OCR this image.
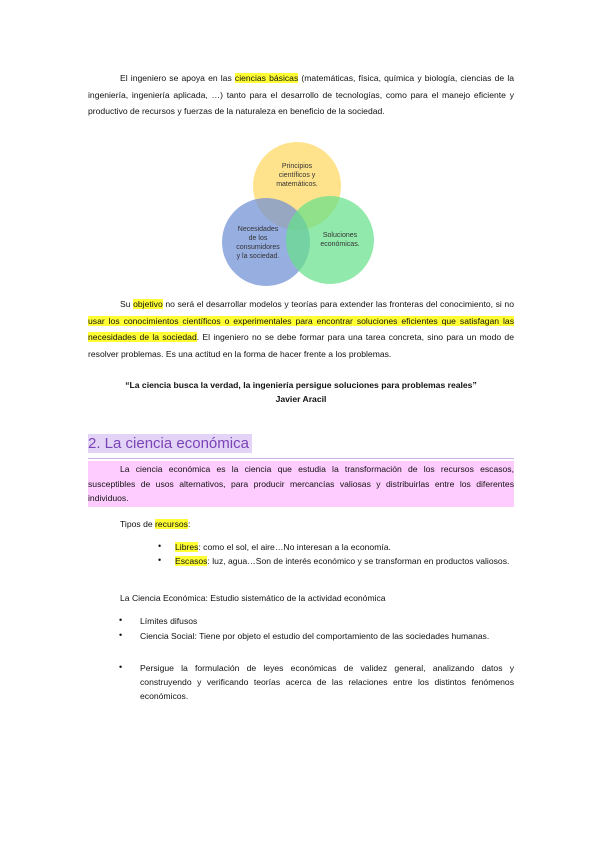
El ingeniero se apoya en las ciencias básicas (matemáticas, física, química y biología, ciencias de la ingeniería, ingeniería aplicada, …) tanto para el desarrollo de tecnologías, como para el manejo eficiente y productivo de recursos y fuerzas de la naturaleza en beneficio de la sociedad.
Principios
científicos y
matemáticos.
Necesidades
de los
consumidores
y la sociedad.
Soluciones
económicas.
Su objetivo no será el desarrollar modelos y teorías para extender las fronteras del conocimiento, si no usar los conocimientos científicos o experimentales para encontrar soluciones eficientes que satisfagan las necesidades de la sociedad. El ingeniero no se debe formar para una tarea concreta, sino para un modo de resolver problemas. Es una actitud en la forma de hacer frente a los problemas.
“La ciencia busca la verdad, la ingeniería persigue soluciones para problemas reales”
Javier Aracil
2. La ciencia económica
La ciencia económica es la ciencia que estudia la transformación de los recursos escasos, susceptibles de usos alternativos, para producir mercancías valiosas y distribuirlas entre los diferentes individuos.
Tipos de recursos:
• Libres: como el sol, el aire…No interesan a la economía.
• Escasos: luz, agua…Son de interés económico y se transforman en productos valiosos.
La Ciencia Económica: Estudio sistemático de la actividad económica
• Límites difusos
• Ciencia Social: Tiene por objeto el estudio del comportamiento de las sociedades humanas.
• Persigue la formulación de leyes económicas de validez general, analizando datos y construyendo y verificando teorías acerca de las relaciones entre los distintos fenómenos económicos.
